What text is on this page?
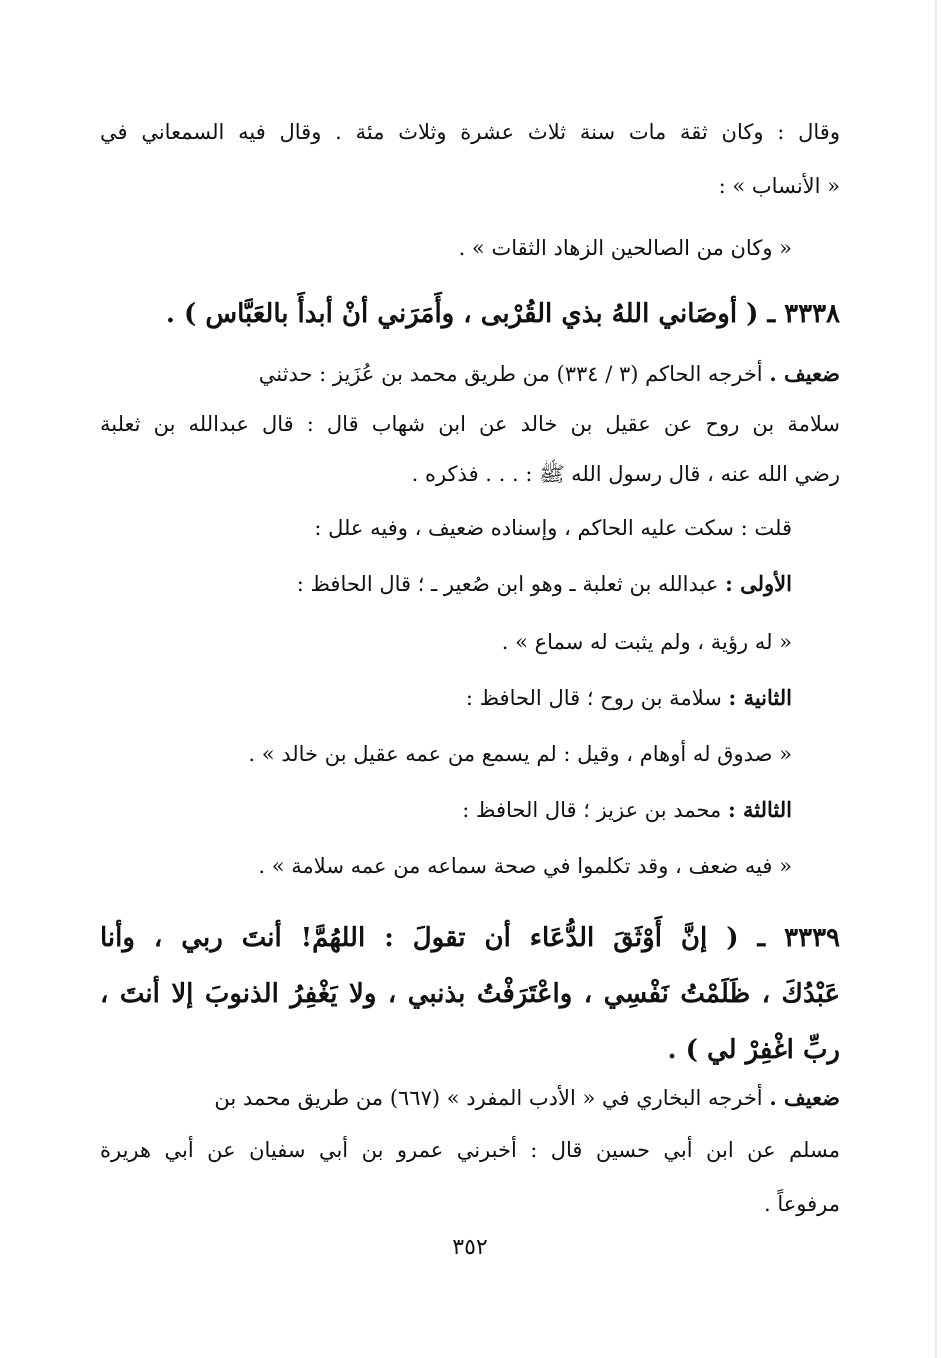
وقال : وكان ثقة مات سنة ثلاث عشرة وثلاث مئة . وقال فيه السمعاني في
« الأنساب » :
« وكان من الصالحين الزهاد الثقات » .
٣٣٣٨ ـ ( أوصَاني اللهُ بذي القُرْبى ، وأَمَرَني أنْ أبدأَ بالعَبَّاس ) .
ضعيف . أخرجه الحاكم (٣ / ٣٣٤) من طريق محمد بن عُزَيز : حدثني
سلامة بن روح عن عقيل بن خالد عن ابن شهاب قال : قال عبدالله بن ثعلبة
رضي الله عنه ، قال رسول الله ﷺ : . . . فذكره .
قلت : سكت عليه الحاكم ، وإسناده ضعيف ، وفيه علل :
الأولى : عبدالله بن ثعلبة ـ وهو ابن صُعير ـ ؛ قال الحافظ :
« له رؤية ، ولم يثبت له سماع » .
الثانية : سلامة بن روح ؛ قال الحافظ :
« صدوق له أوهام ، وقيل : لم يسمع من عمه عقيل بن خالد » .
الثالثة : محمد بن عزيز ؛ قال الحافظ :
« فيه ضعف ، وقد تكلموا في صحة سماعه من عمه سلامة » .
٣٣٣٩ ـ ( إنَّ أَوْثَقَ الدُّعَاء أن تقولَ : اللهُمَّ! أنتَ ربي ، وأنا
عَبْدُكَ ، ظَلَمْتُ نَفْسِي ، واعْتَرَفْتُ بذنبي ، ولا يَغْفِرُ الذنوبَ إلا أنتَ ،
ربِّ اغْفِرْ لي ) .
ضعيف . أخرجه البخاري في « الأدب المفرد » (٦٦٧) من طريق محمد بن
مسلم عن ابن أبي حسين قال : أخبرني عمرو بن أبي سفيان عن أبي هريرة
مرفوعاً .
٣٥٢
